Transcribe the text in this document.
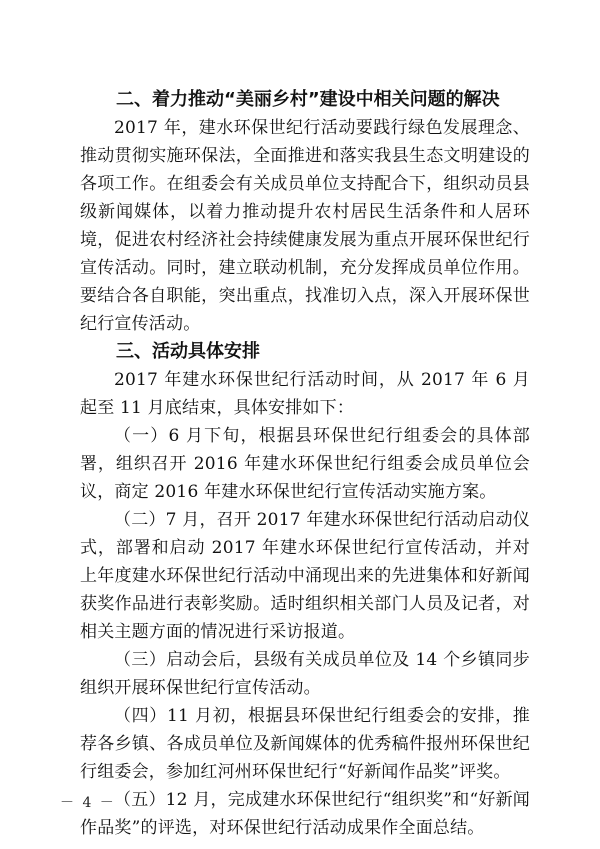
二、着力推动“美丽乡村”建设中相关问题的解决

2017 年，建水环保世纪行活动要践行绿色发展理念、推动贯彻实施环保法，全面推进和落实我县生态文明建设的各项工作。在组委会有关成员单位支持配合下，组织动员县级新闻媒体，以着力推动提升农村居民生活条件和人居环境，促进农村经济社会持续健康发展为重点开展环保世纪行宣传活动。同时，建立联动机制，充分发挥成员单位作用。要结合各自职能，突出重点，找准切入点，深入开展环保世纪行宣传活动。

三、活动具体安排

2017 年建水环保世纪行活动时间，从 2017 年 6 月起至 11 月底结束，具体安排如下：

（一）6 月下旬，根据县环保世纪行组委会的具体部署，组织召开 2016 年建水环保世纪行组委会成员单位会议，商定 2016 年建水环保世纪行宣传活动实施方案。

（二）7 月，召开 2017 年建水环保世纪行活动启动仪式，部署和启动 2017 年建水环保世纪行宣传活动，并对上年度建水环保世纪行活动中涌现出来的先进集体和好新闻获奖作品进行表彰奖励。适时组织相关部门人员及记者，对相关主题方面的情况进行采访报道。

（三）启动会后，县级有关成员单位及 14 个乡镇同步组织开展环保世纪行宣传活动。

（四）11 月初，根据县环保世纪行组委会的安排，推荐各乡镇、各成员单位及新闻媒体的优秀稿件报州环保世纪行组委会，参加红河州环保世纪行“好新闻作品奖”评奖。

（五）12 月，完成建水环保世纪行“组织奖”和“好新闻作品奖”的评选，对环保世纪行活动成果作全面总结。

－ 4 －
